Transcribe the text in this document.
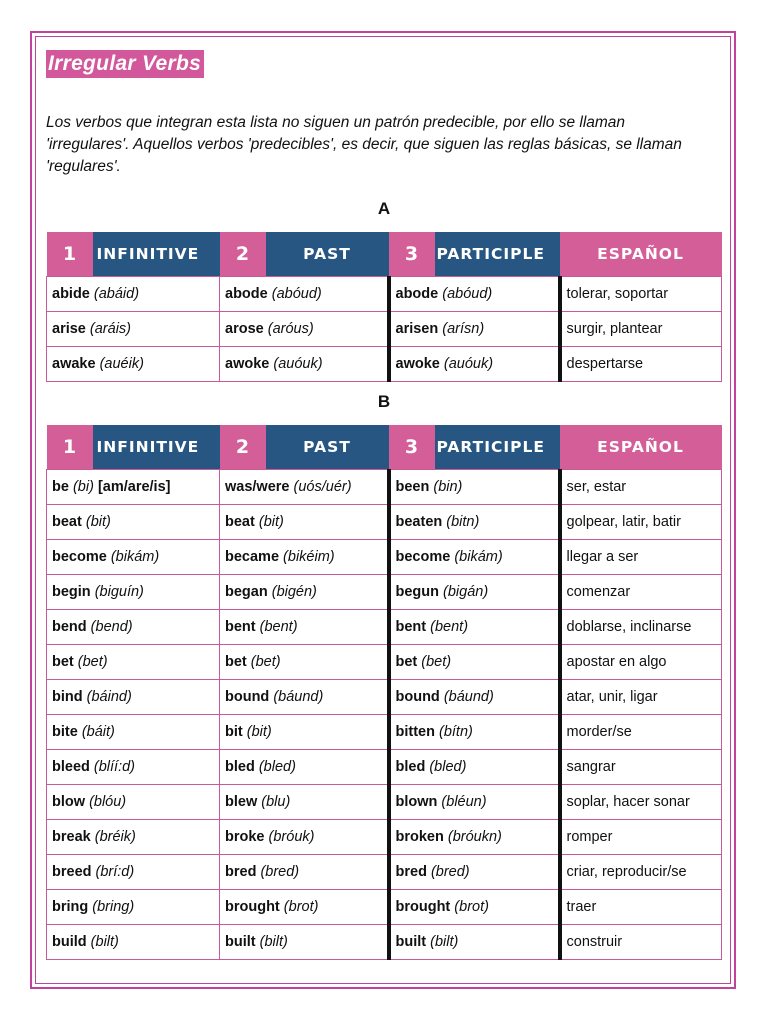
Irregular Verbs

Los verbos que integran esta lista no siguen un patrón predecible, por ello se llaman 'irregulares'. Aquellos verbos 'predecibles', es decir, que siguen las reglas básicas, se llaman 'regulares'.

A
1	INFINITIVE	2	PAST	3	PARTICIPLE	ESPAÑOL
abide (abáid)		abode (abóud)		abode (abóud)		tolerar, soportar
arise (aráis)		arose (aróus)		arisen (arísn)		surgir, plantear
awake (auéik)		awoke (auóuk)		awoke (auóuk)		despertarse
B
1	INFINITIVE	2	PAST	3	PARTICIPLE	ESPAÑOL
be (bi) [am/are/is]		was/were (uós/uér)		been (bin)		ser, estar
beat (bit)		beat (bit)		beaten (bitn)		golpear, latir, batir
become (bikám)		became (bikéim)		become (bikám)		llegar a ser
begin (biguín)		began (bigén)		begun (bigán)		comenzar
bend (bend)		bent (bent)		bent (bent)		doblarse, inclinarse
bet (bet)		bet (bet)		bet (bet)		apostar en algo
bind (báind)		bound (báund)		bound (báund)		atar, unir, ligar
bite (báit)		bit (bit)		bitten (bítn)		morder/se
bleed (blíí:d)		bled (bled)		bled (bled)		sangrar
blow (blóu)		blew (blu)		blown (bléun)		soplar, hacer sonar
break (bréik)		broke (bróuk)		broken (bróukn)		romper
breed (brí:d)		bred (bred)		bred (bred)		criar, reproducir/se
bring (bring)		brought (brot)		brought (brot)		traer
build (bilt)		built (bilt)		built (bilt)		construir
